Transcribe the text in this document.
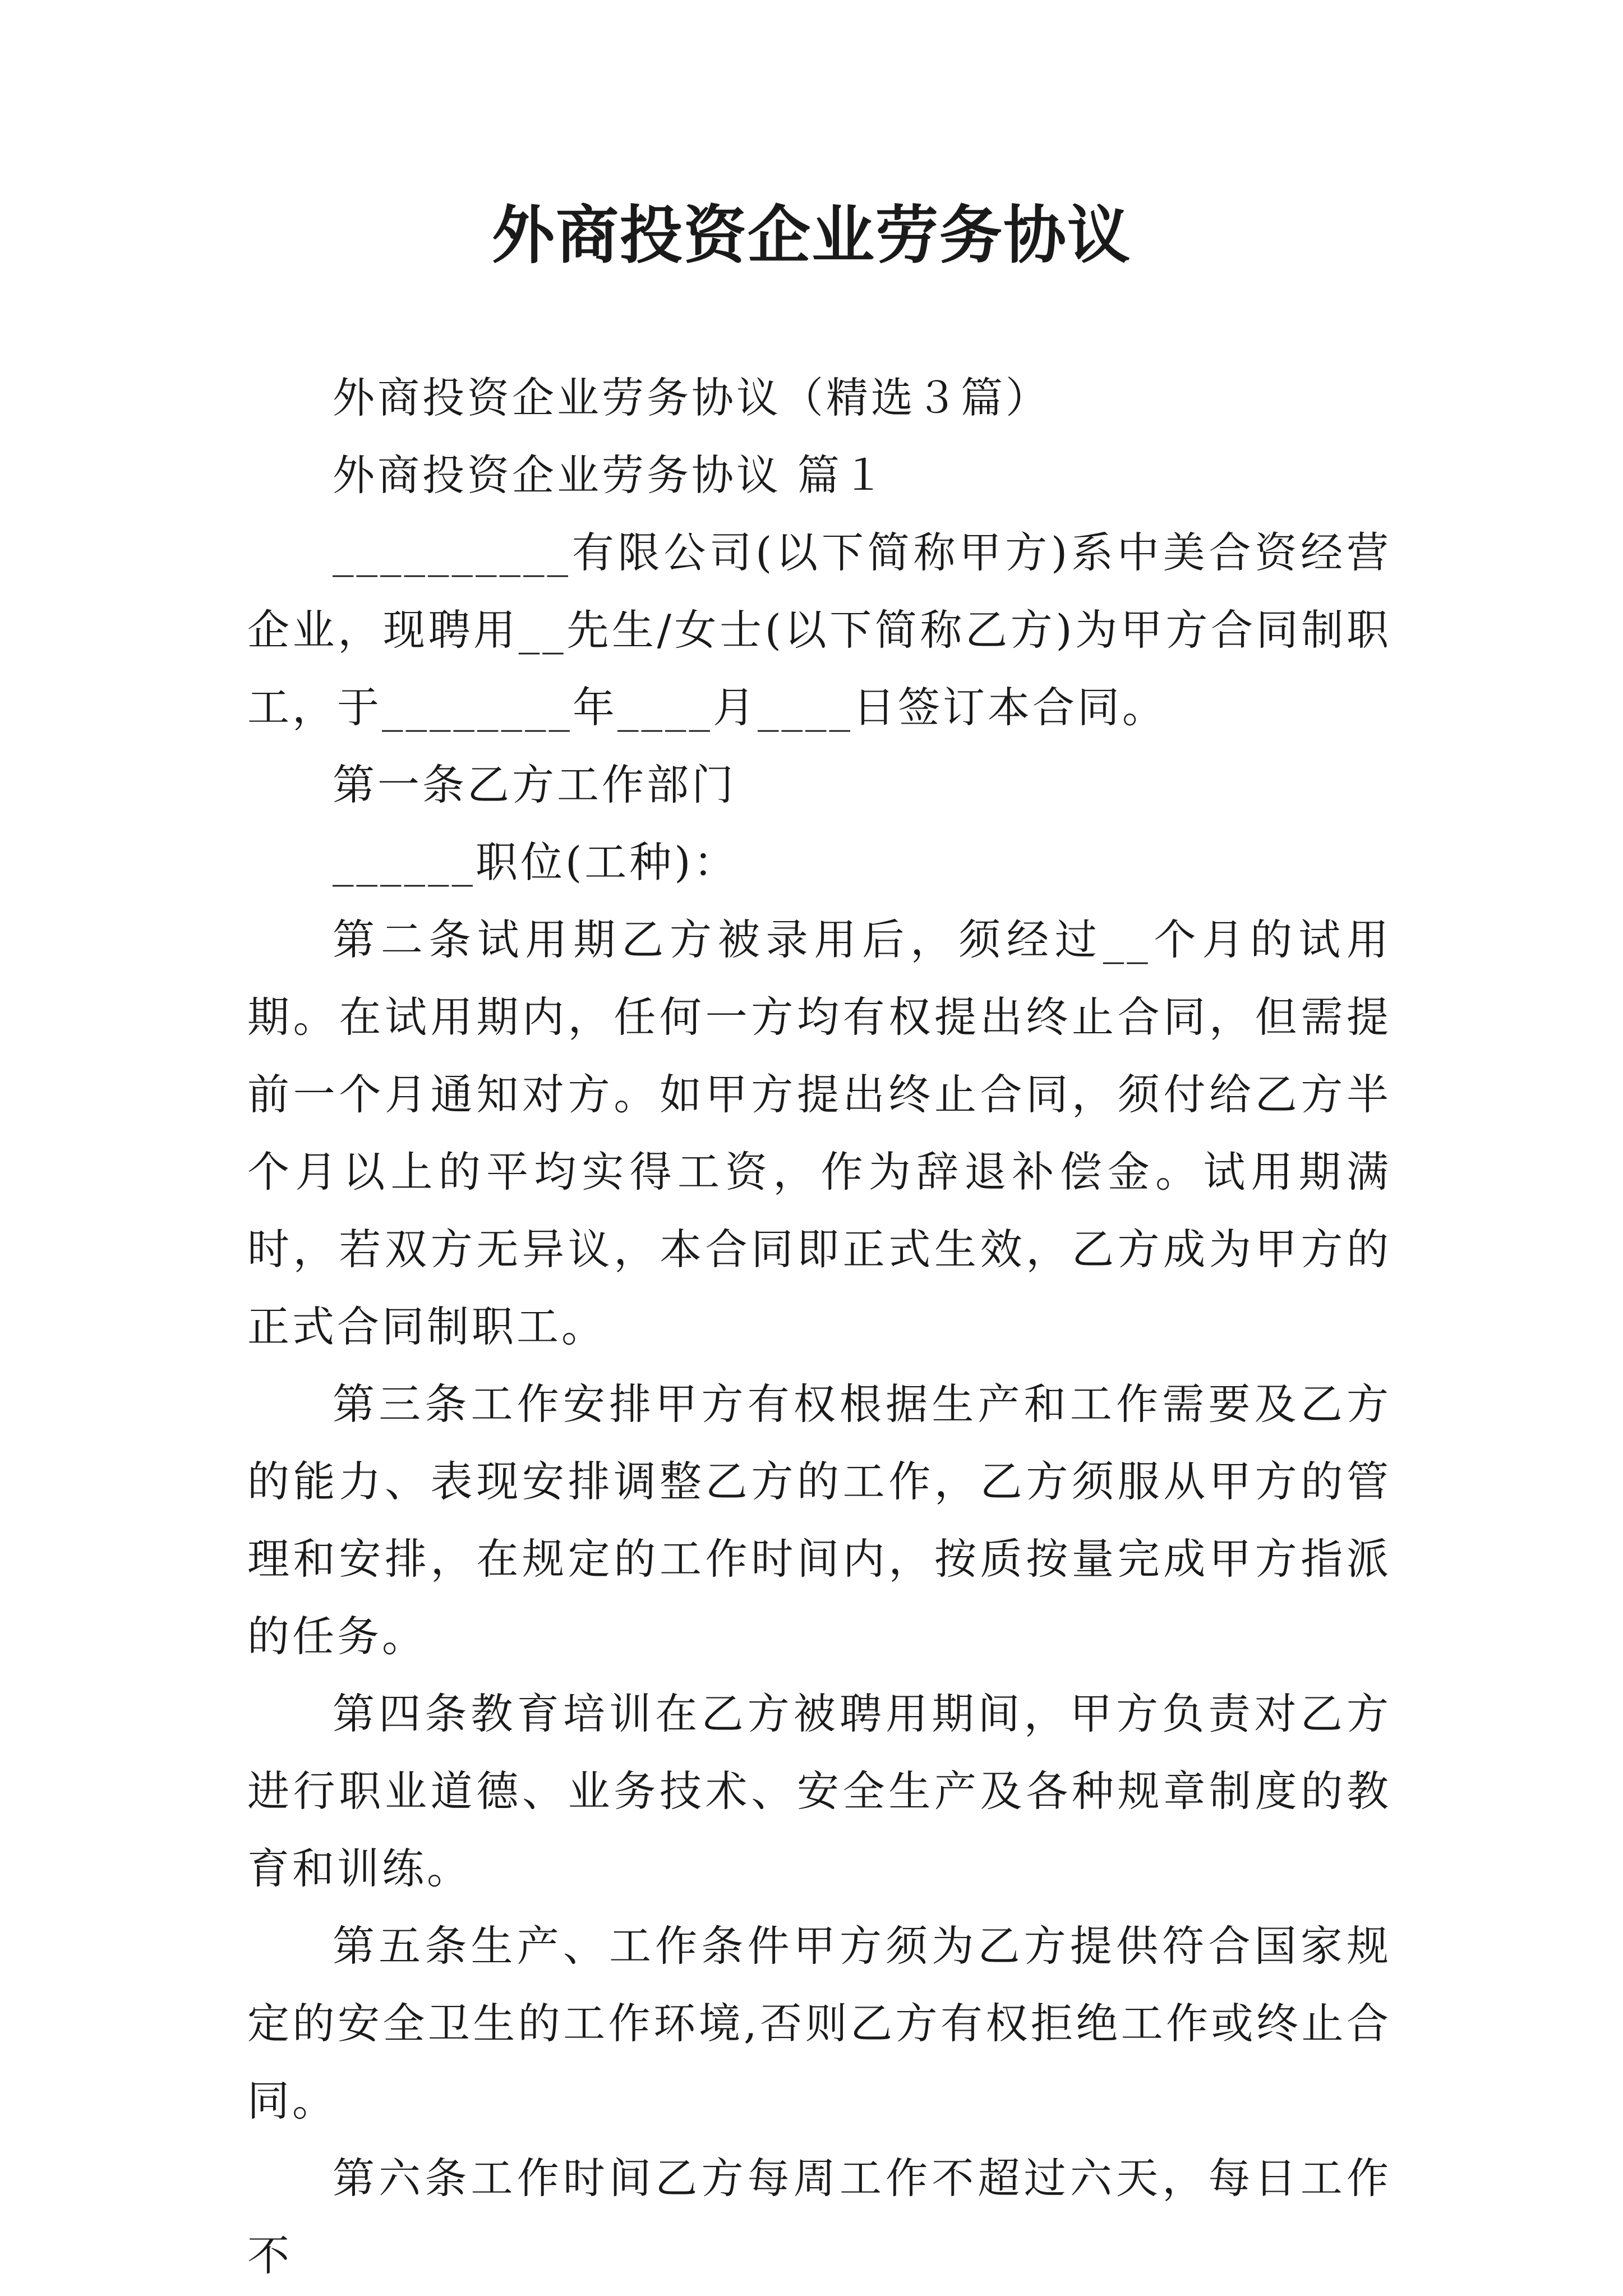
外商投资企业劳务协议

外商投资企业劳务协议（精选３篇）

外商投资企业劳务协议 篇１

__________有限公司(以下简称甲方)系中美合资经营企业，现聘用__先生/女士(以下简称乙方)为甲方合同制职工，于________年____月____日签订本合同。

第一条乙方工作部门

______职位(工种)：

第二条试用期乙方被录用后，须经过__个月的试用期。在试用期内，任何一方均有权提出终止合同，但需提前一个月通知对方。如甲方提出终止合同，须付给乙方半个月以上的平均实得工资，作为辞退补偿金。试用期满时，若双方无异议，本合同即正式生效，乙方成为甲方的正式合同制职工。

第三条工作安排甲方有权根据生产和工作需要及乙方的能力、表现安排调整乙方的工作，乙方须服从甲方的管理和安排，在规定的工作时间内，按质按量完成甲方指派的任务。

第四条教育培训在乙方被聘用期间，甲方负责对乙方进行职业道德、业务技术、安全生产及各种规章制度的教育和训练。

第五条生产、工作条件甲方须为乙方提供符合国家规定的安全卫生的工作环境,否则乙方有权拒绝工作或终止合同。

第六条工作时间乙方每周工作不超过六天，每日工作不
